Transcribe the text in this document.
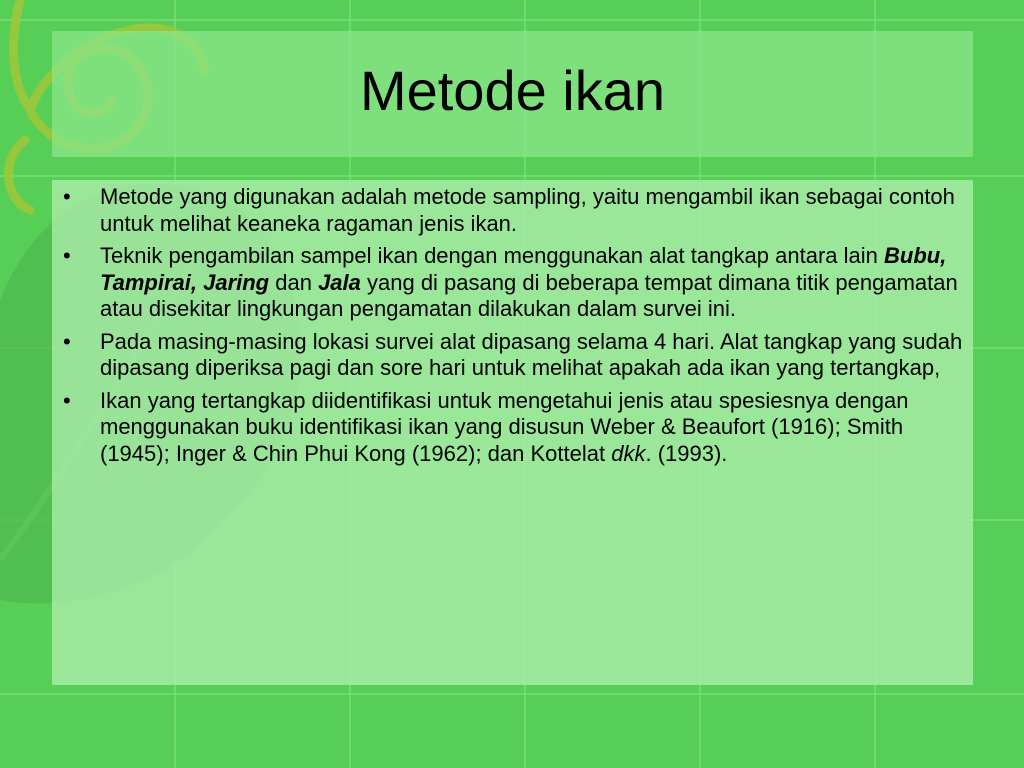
Metode ikan
• Metode yang digunakan adalah metode sampling, yaitu mengambil ikan sebagai contoh untuk melihat keaneka ragaman jenis ikan.
• Teknik pengambilan sampel ikan dengan menggunakan alat tangkap antara lain Bubu, Tampirai, Jaring dan Jala yang di pasang di beberapa tempat dimana titik pengamatan atau disekitar lingkungan pengamatan dilakukan dalam survei ini.
• Pada masing-masing lokasi survei alat dipasang selama 4 hari. Alat tangkap yang sudah dipasang diperiksa pagi dan sore hari untuk melihat apakah ada ikan yang tertangkap,
• Ikan yang tertangkap diidentifikasi untuk mengetahui jenis atau spesiesnya dengan menggunakan buku identifikasi ikan yang disusun Weber & Beaufort (1916); Smith (1945); Inger & Chin Phui Kong (1962); dan Kottelat dkk. (1993).
